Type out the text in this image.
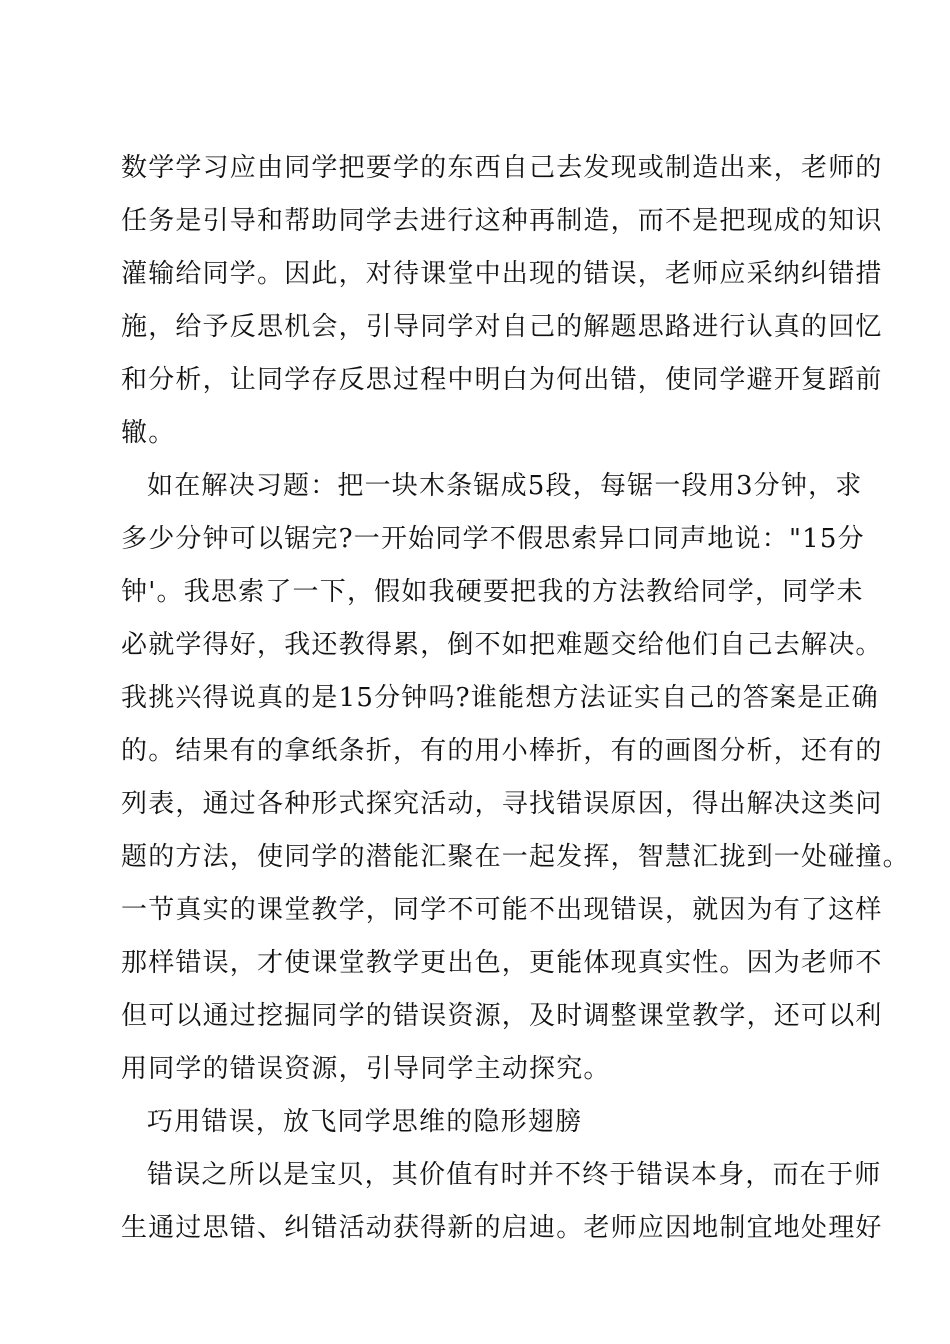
数学学习应由同学把要学的东西自己去发现或制造出来，老师的
任务是引导和帮助同学去进行这种再制造，而不是把现成的知识
灌输给同学。因此，对待课堂中出现的错误，老师应采纳纠错措
施，给予反思机会，引导同学对自己的解题思路进行认真的回忆
和分析，让同学存反思过程中明白为何出错，使同学避开复蹈前
辙。
如在解决习题：把一块木条锯成5段，每锯一段用3分钟，求
多少分钟可以锯完?一开始同学不假思索异口同声地说："15分
钟'。我思索了一下，假如我硬要把我的方法教给同学，同学未
必就学得好，我还教得累，倒不如把难题交给他们自己去解决。
我挑兴得说真的是15分钟吗?谁能想方法证实自己的答案是正确
的。结果有的拿纸条折，有的用小棒折，有的画图分析，还有的
列表，通过各种形式探究活动，寻找错误原因，得出解决这类问
题的方法，使同学的潜能汇聚在一起发挥，智慧汇拢到一处碰撞。
一节真实的课堂教学，同学不可能不出现错误，就因为有了这样
那样错误，才使课堂教学更出色，更能体现真实性。因为老师不
但可以通过挖掘同学的错误资源，及时调整课堂教学，还可以利
用同学的错误资源，引导同学主动探究。
巧用错误，放飞同学思维的隐形翅膀
错误之所以是宝贝，其价值有时并不终于错误本身，而在于师
生通过思错、纠错活动获得新的启迪。老师应因地制宜地处理好
